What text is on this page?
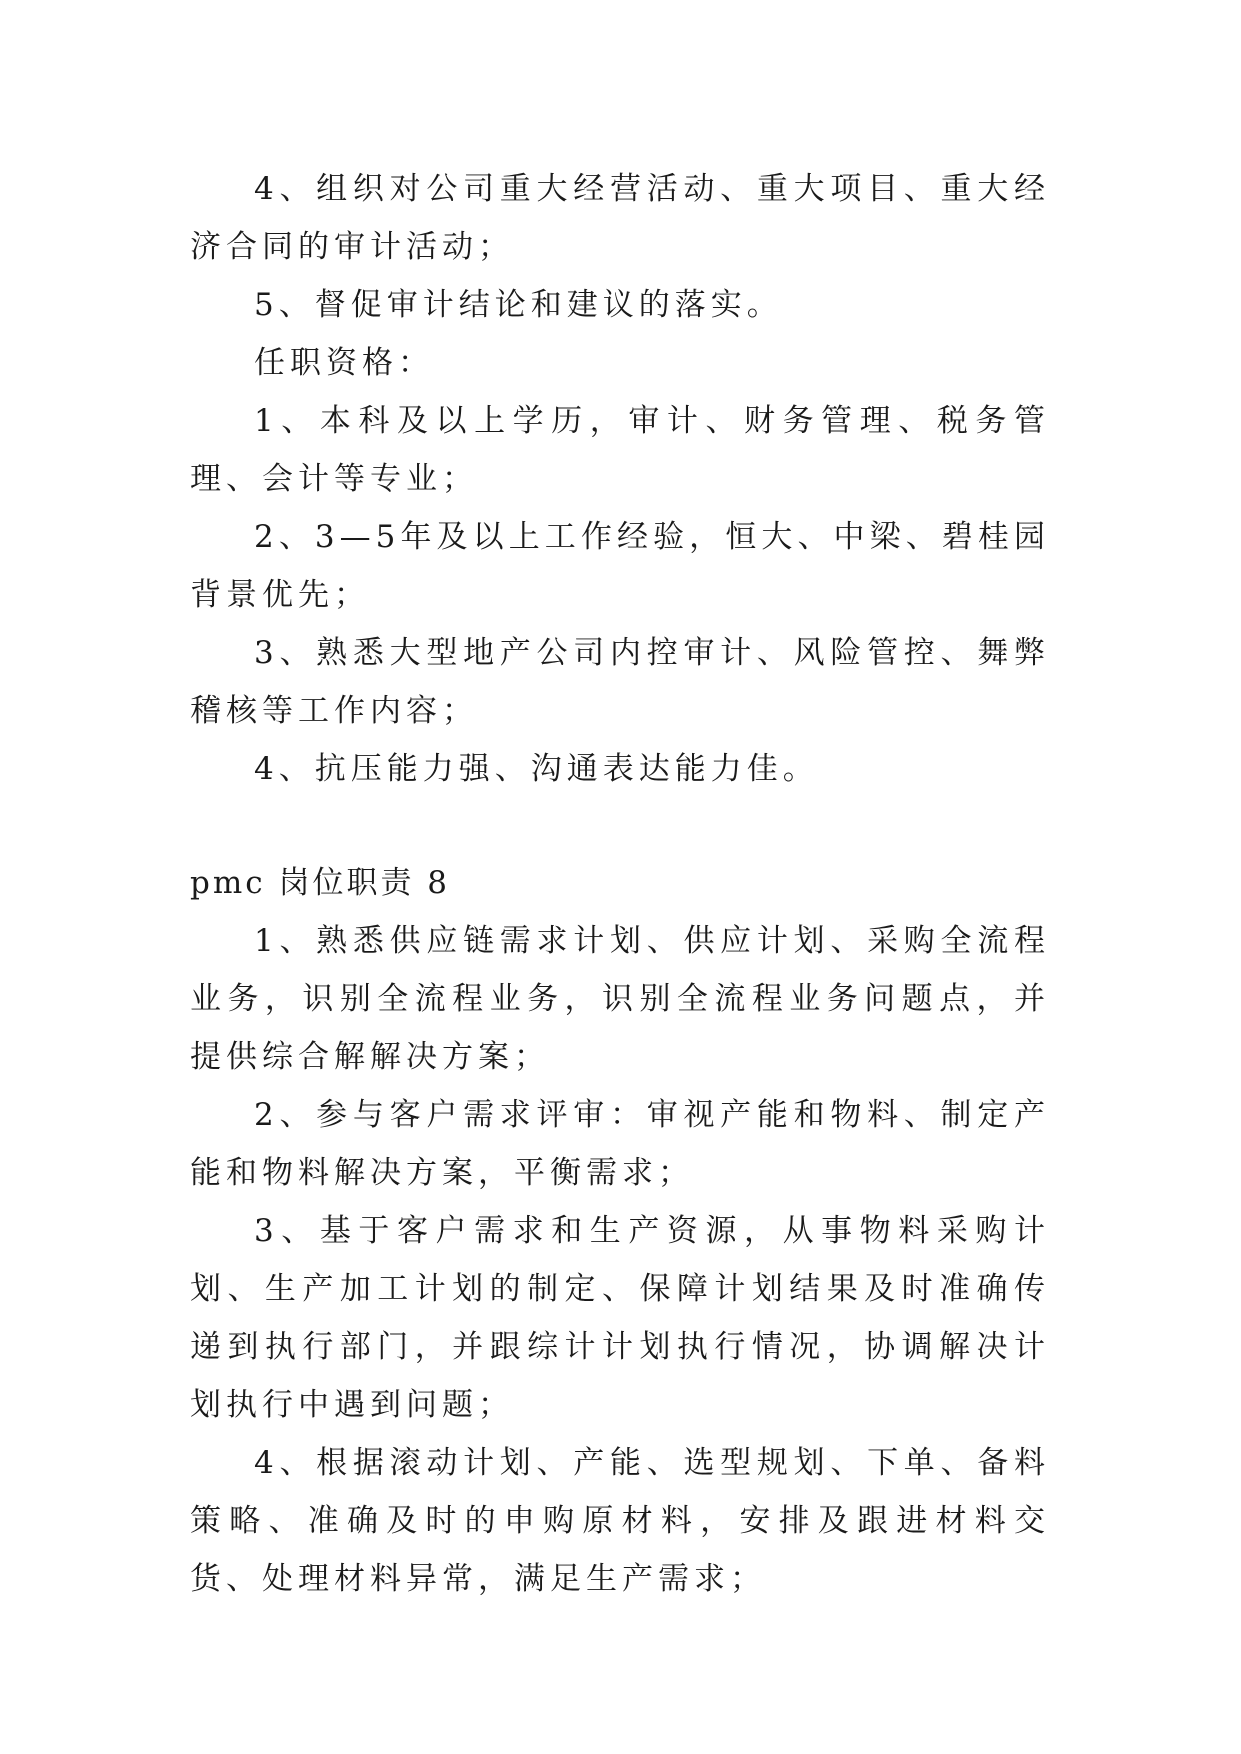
4、组织对公司重大经营活动、重大项目、重大经济合同的审计活动；

5、督促审计结论和建议的落实。

任职资格：

1、本科及以上学历，审计、财务管理、税务管理、会计等专业；

2、3—5年及以上工作经验，恒大、中梁、碧桂园背景优先；

3、熟悉大型地产公司内控审计、风险管控、舞弊稽核等工作内容；

4、抗压能力强、沟通表达能力佳。

pmc 岗位职责 8

1、熟悉供应链需求计划、供应计划、采购全流程业务，识别全流程业务，识别全流程业务问题点，并提供综合解解决方案；

2、参与客户需求评审：审视产能和物料、制定产能和物料解决方案，平衡需求；

3、基于客户需求和生产资源，从事物料采购计划、生产加工计划的制定、保障计划结果及时准确传递到执行部门，并跟综计计划执行情况，协调解决计划执行中遇到问题；

4、根据滚动计划、产能、选型规划、下单、备料策略、准确及时的申购原材料，安排及跟进材料交货、处理材料异常，满足生产需求；
